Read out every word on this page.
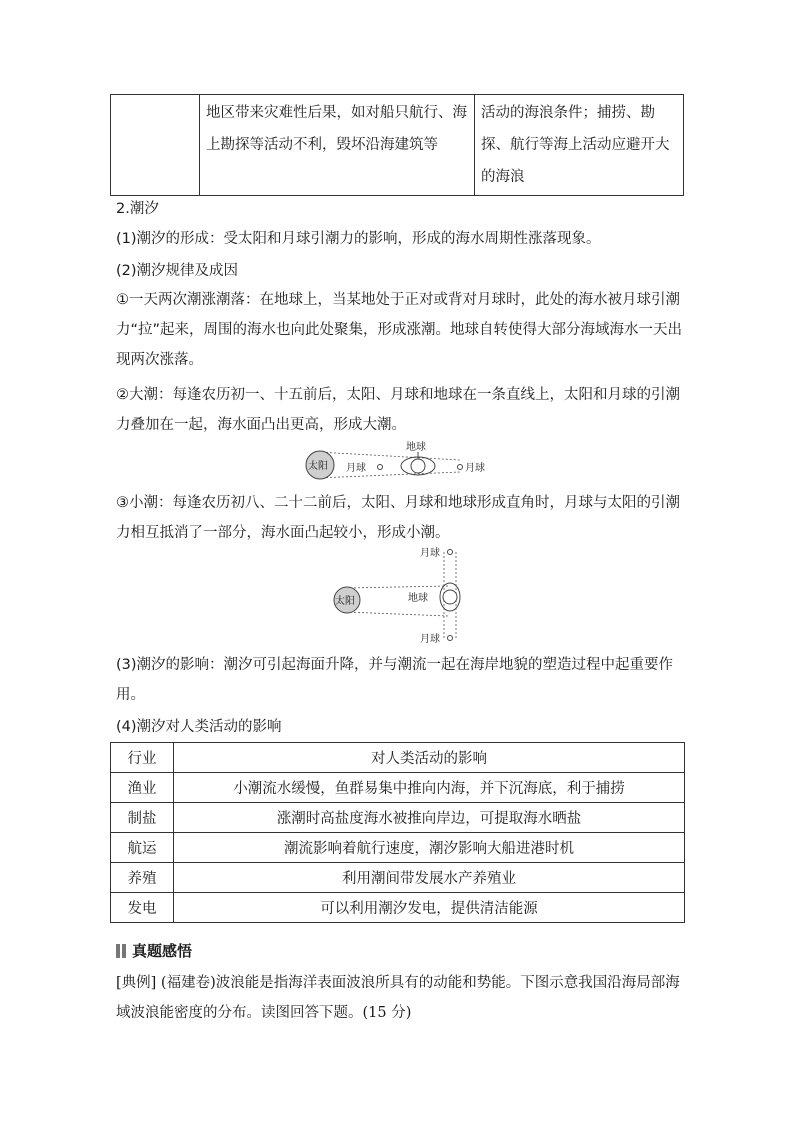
	地区带来灾难性后果，如对船只航行、海上勘探等活动不利，毁坏沿海建筑等	活动的海浪条件；捕捞、勘探、航行等海上活动应避开大的海浪
2.潮汐
(1)潮汐的形成：受太阳和月球引潮力的影响，形成的海水周期性涨落现象。
(2)潮汐规律及成因
①一天两次潮涨潮落：在地球上，当某地处于正对或背对月球时，此处的海水被月球引潮力“拉”起来，周围的海水也向此处聚集，形成涨潮。地球自转使得大部分海域海水一天出现两次涨落。
②大潮：每逢农历初一、十五前后，太阳、月球和地球在一条直线上，太阳和月球的引潮力叠加在一起，海水面凸出更高，形成大潮。
太阳
地球
月球	月球
③小潮：每逢农历初八、二十二前后，太阳、月球和地球形成直角时，月球与太阳的引潮力相互抵消了一部分，海水面凸起较小，形成小潮。
太阳	地球
月球
月球
(3)潮汐的影响：潮汐可引起海面升降，并与潮流一起在海岸地貌的塑造过程中起重要作用。
(4)潮汐对人类活动的影响
行业	对人类活动的影响
渔业	小潮流水缓慢，鱼群易集中推向内海，并下沉海底，利于捕捞
制盐	涨潮时高盐度海水被推向岸边，可提取海水晒盐
航运	潮流影响着航行速度，潮汐影响大船进港时机
养殖	利用潮间带发展水产养殖业
发电	可以利用潮汐发电，提供清洁能源
真题感悟
[典例] (福建卷)波浪能是指海洋表面波浪所具有的动能和势能。下图示意我国沿海局部海域波浪能密度的分布。读图回答下题。(15 分)
